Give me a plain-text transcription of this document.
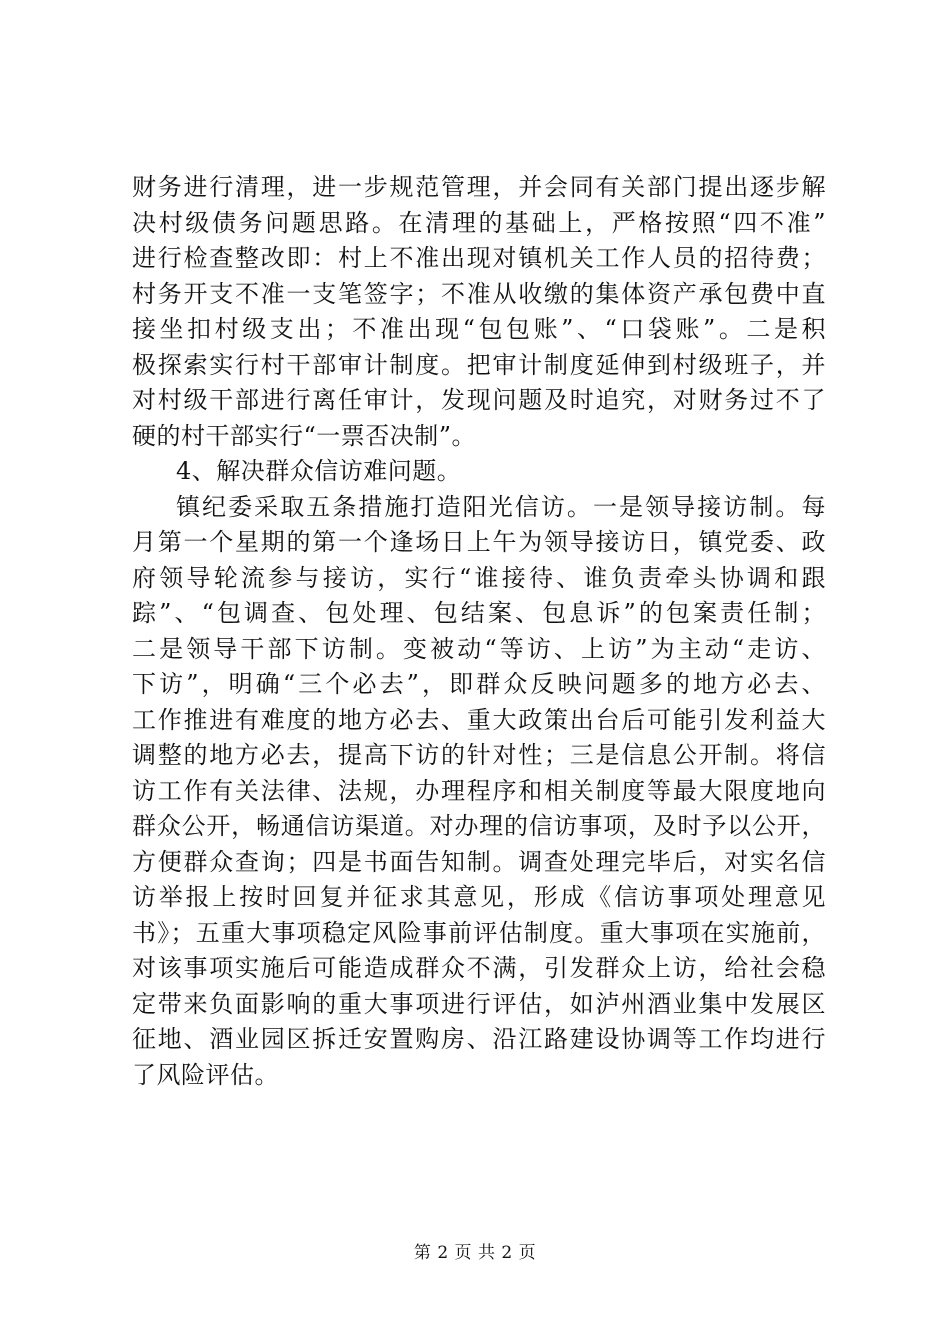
财务进行清理，进一步规范管理，并会同有关部门提出逐步解
决村级债务问题思路。在清理的基础上，严格按照“四不准”
进行检查整改即：村上不准出现对镇机关工作人员的招待费；
村务开支不准一支笔签字；不准从收缴的集体资产承包费中直
接坐扣村级支出；不准出现“包包账”、“口袋账”。二是积
极探索实行村干部审计制度。把审计制度延伸到村级班子，并
对村级干部进行离任审计，发现问题及时追究，对财务过不了
硬的村干部实行“一票否决制”。
4、解决群众信访难问题。
镇纪委采取五条措施打造阳光信访。一是领导接访制。每
月第一个星期的第一个逢场日上午为领导接访日，镇党委、政
府领导轮流参与接访，实行“谁接待、谁负责牵头协调和跟
踪”、“包调查、包处理、包结案、包息诉”的包案责任制；
二是领导干部下访制。变被动“等访、上访”为主动“走访、
下访”，明确“三个必去”，即群众反映问题多的地方必去、
工作推进有难度的地方必去、重大政策出台后可能引发利益大
调整的地方必去，提高下访的针对性；三是信息公开制。将信
访工作有关法律、法规，办理程序和相关制度等最大限度地向
群众公开，畅通信访渠道。对办理的信访事项，及时予以公开，
方便群众查询；四是书面告知制。调查处理完毕后，对实名信
访举报上按时回复并征求其意见，形成《信访事项处理意见
书》；五重大事项稳定风险事前评估制度。重大事项在实施前，
对该事项实施后可能造成群众不满，引发群众上访，给社会稳
定带来负面影响的重大事项进行评估，如泸州酒业集中发展区
征地、酒业园区拆迁安置购房、沿江路建设协调等工作均进行
了风险评估。
第 2 页 共 2 页
